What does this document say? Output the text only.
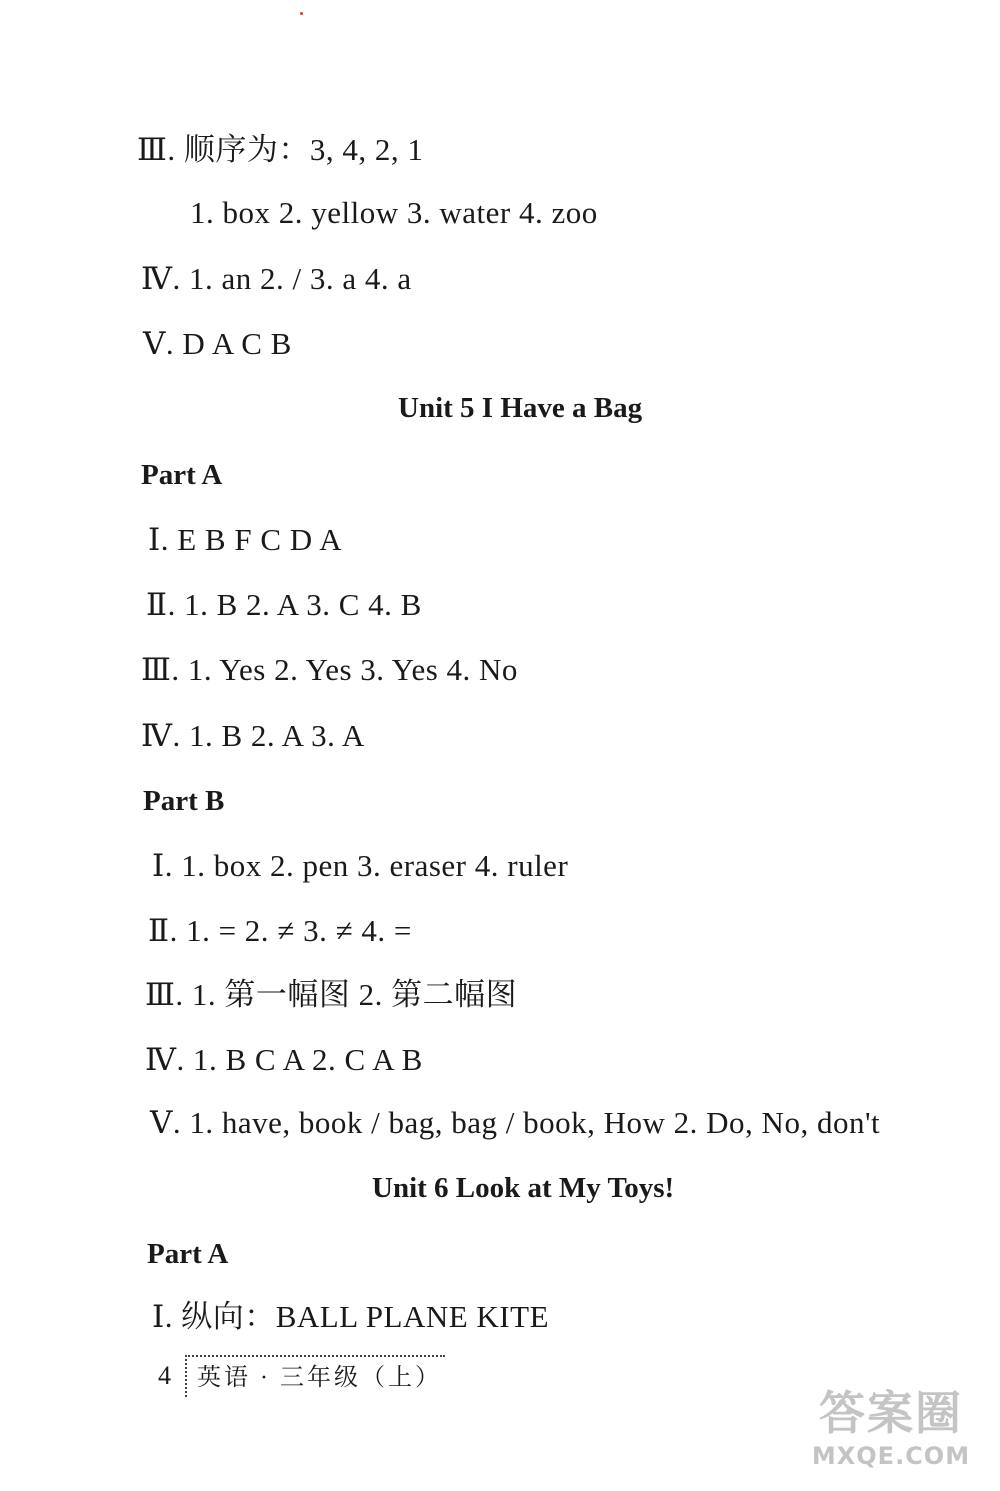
Ⅲ. 顺序为：3, 4, 2, 1
1. box 2. yellow 3. water 4. zoo
Ⅳ. 1. an 2. / 3. a 4. a
Ⅴ. D A C B
Unit 5 I Have a Bag
Part A
Ⅰ. E B F C D A
Ⅱ. 1. B 2. A 3. C 4. B
Ⅲ. 1. Yes 2. Yes 3. Yes 4. No
Ⅳ. 1. B 2. A 3. A
Part B
Ⅰ. 1. box 2. pen 3. eraser 4. ruler
Ⅱ. 1. = 2. ≠ 3. ≠ 4. =
Ⅲ. 1. 第一幅图 2. 第二幅图
Ⅳ. 1. B C A 2. C A B
Ⅴ. 1. have, book / bag, bag / book, How 2. Do, No, don't
Unit 6 Look at My Toys!
Part A
Ⅰ. 纵向：BALL PLANE KITE
4	英语 · 三年级（上）
答案圈
MXQE.COM
